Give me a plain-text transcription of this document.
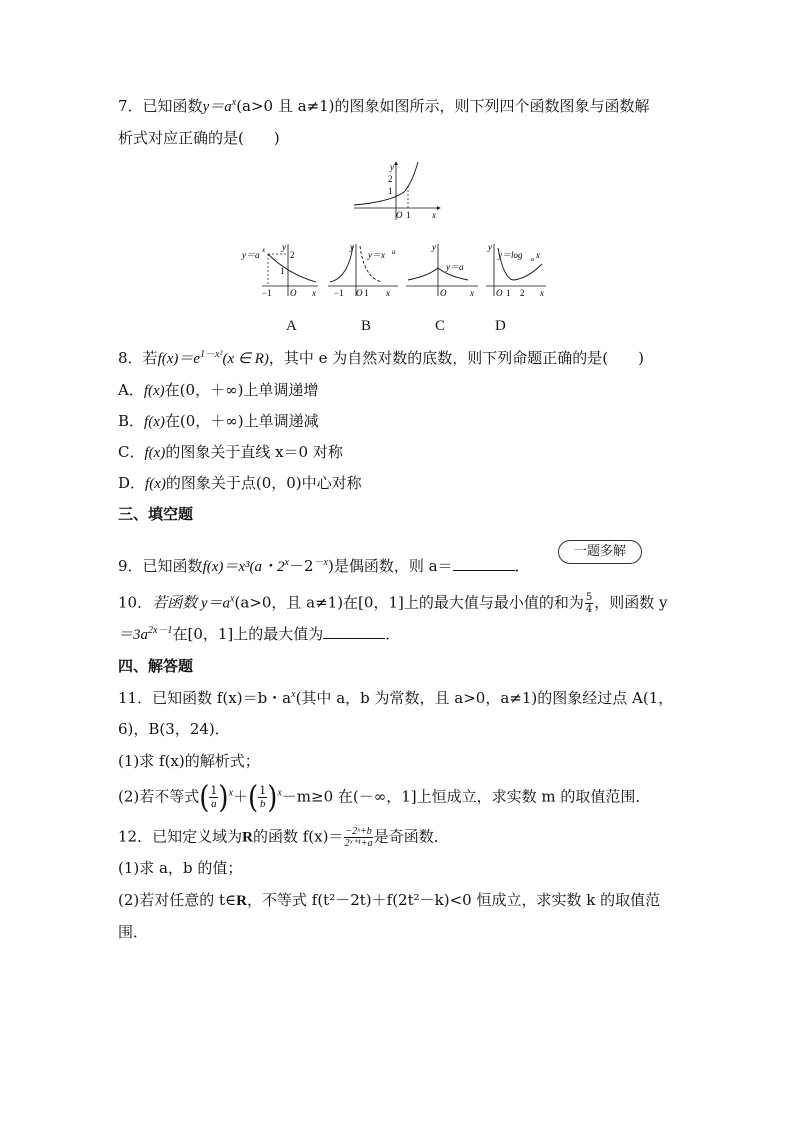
7．已知函数$y=a^x(a>0$ 且 a≠1)的图象如图所示，则下列四个函数图象与函数解
析式对应正确的是(　　)
y
2
1
O 1 x
y＝a x y
2
1
−1 O x
y
y＝x a
−1 O 1 x
y
y＝a
O	x
y
y＝log a x
O 1 2 x
A	B	C	D
8．若$f(x)=e^{1-x^2}(x$ ∈ R)，其中 e 为自然对数的底数，则下列命题正确的是(　　)
A．f(x)在(0，＋∞)上单调递增
B．f(x)在(0，＋∞)上单调递减
C．f(x)的图象关于直线 x＝0 对称
D．f(x)的图象关于点(0，0)中心对称
三、填空题
9．已知函数f(x)＝x³(a・$2^x-2^{-x}$)是偶函数，则 a＝	．
一题多解
10．若函数 $y=a^x(a>0$，且 a≠1)在[0，1]上的最大值与最小值的和为 $\frac{5}{4}$ ，则函数 y
$=3a^{2x-1}$在[0，1]上的最大值为	．
四、解答题
11．已知函数 f(x)＝b・$a^x$(其中 a，b 为常数，且 a>0，a≠1)的图象经过点 A(1，
6)，B(3，24)．
(1)求 f(x)的解析式；
(2)若不等式( $\frac{1}{a} )^x+( \frac{1}{b} )^x-m\ge 0$ 在(－∞，1]上恒成立，求实数 m 的取值范围．
12．已知定义域为R的函数 $f(x)= \frac{\text{−2ˣ+b}}{\text{2ˣ⁺¹+a}}$ 是奇函数．
(1)求 a，b 的值；
(2)若对任意的 t∈R，不等式 f(t²－2t)＋f(2t²－k)<0 恒成立，求实数 k 的取值范
围．
